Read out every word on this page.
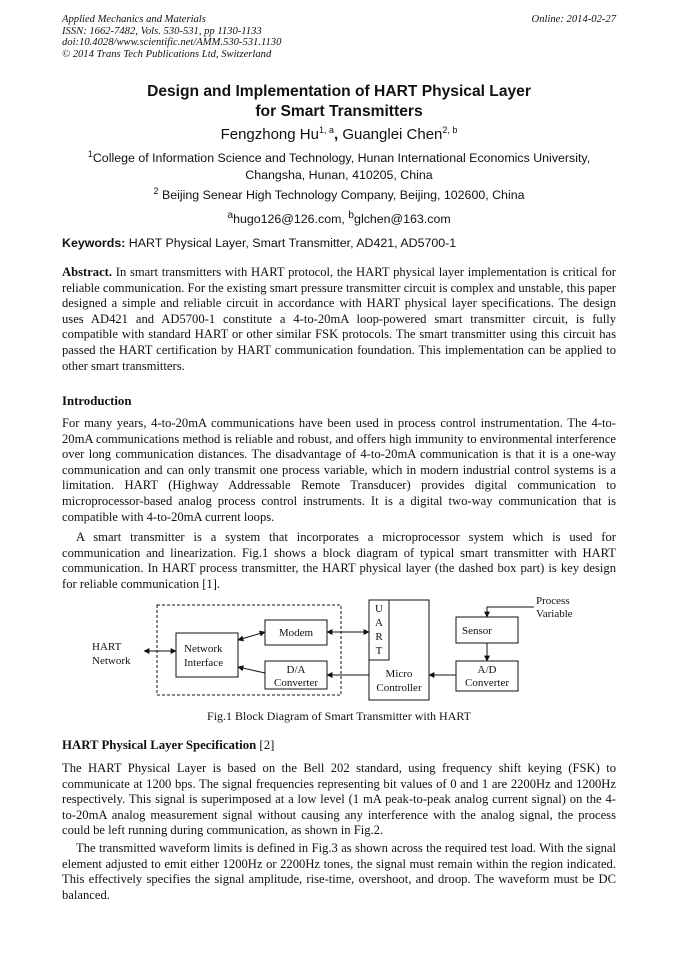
Applied Mechanics and Materials
ISSN: 1662-7482, Vols. 530-531, pp 1130-1133
doi:10.4028/www.scientific.net/AMM.530-531.1130
© 2014 Trans Tech Publications Ltd, Switzerland
Online: 2014-02-27
Design and Implementation of HART Physical Layer
for Smart Transmitters
Fengzhong Hu$^{1, a}$, Guanglei Chen$^{2, b}$
$^1$College of Information Science and Technology, Hunan International Economics University,
Changsha, Hunan, 410205, China
$^2$ Beijing Senear High Technology Company, Beijing, 102600, China
$^a$hugo126@126.com, $^b$glchen@163.com
Keywords: HART Physical Layer, Smart Transmitter, AD421, AD5700-1
Abstract. In smart transmitters with HART protocol, the HART physical layer implementation is critical for reliable communication. For the existing smart pressure transmitter circuit is complex and unstable, this paper designed a simple and reliable circuit in accordance with HART physical layer specifications. The design uses AD421 and AD5700-1 constitute a 4-to-20mA loop-powered smart transmitter circuit, is fully compatible with standard HART or other similar FSK protocols. The smart transmitter using this circuit has passed the HART certification by HART communication foundation. This implementation can be applied to other smart transmitters.
Introduction
For many years, 4-to-20mA communications have been used in process control instrumentation. The 4-to-20mA communications method is reliable and robust, and offers high immunity to environmental interference over long communication distances. The disadvantage of 4-to-20mA communication is that it is a one-way communication and can only transmit one process variable, which in modern industrial control systems is a limitation. HART (Highway Addressable Remote Transducer) provides digital communication to microprocessor-based analog process control instruments. It is a digital two-way communication that is compatible with 4-to-20mA current loops.
A smart transmitter is a system that incorporates a microprocessor system which is used for communication and linearization. Fig.1 shows a block diagram of typical smart transmitter with HART communication. In HART process transmitter, the HART physical layer (the dashed box part) is key design for reliable communication [1].
Network
Interface
Modem
D/A
Converter
U
A
R
T
Micro
Controller
Sensor
A/D
Converter
HART
Network
Process
Variable
Fig.1 Block Diagram of Smart Transmitter with HART
HART Physical Layer Specification [2]
The HART Physical Layer is based on the Bell 202 standard, using frequency shift keying (FSK) to communicate at 1200 bps. The signal frequencies representing bit values of 0 and 1 are 2200Hz and 1200Hz respectively. This signal is superimposed at a low level (1 mA peak-to-peak analog current signal) on the 4-to-20mA analog measurement signal without causing any interference with the analog signal, the process could be left running during communication, as shown in Fig.2.
The transmitted waveform limits is defined in Fig.3 as shown across the required test load. With the signal element adjusted to emit either 1200Hz or 2200Hz tones, the signal must remain within the region indicated. This effectively specifies the signal amplitude, rise-time, overshoot, and droop. The waveform must be DC balanced.
